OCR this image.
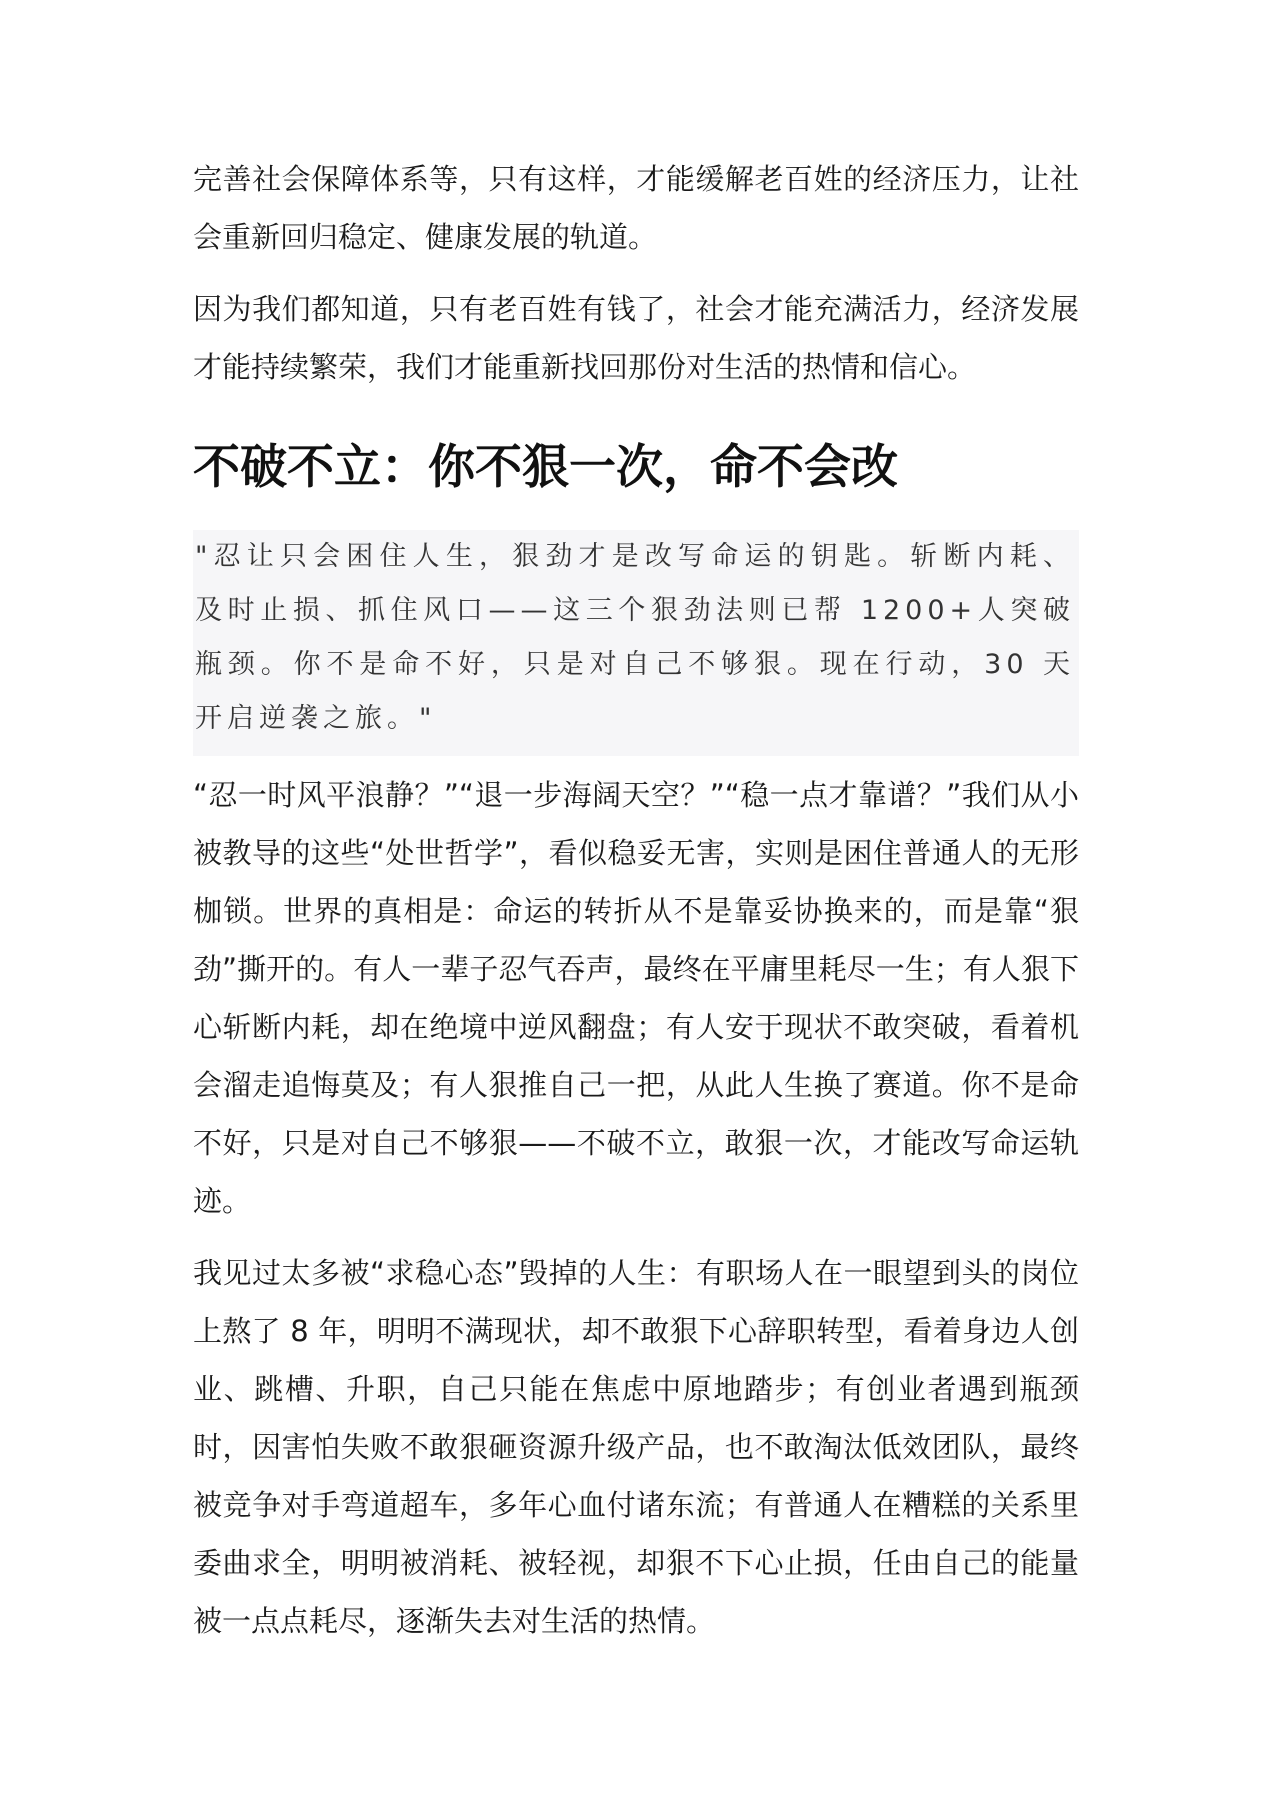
完善社会保障体系等，只有这样，才能缓解老百姓的经济压力，让社会重新回归稳定、健康发展的轨道。

因为我们都知道，只有老百姓有钱了，社会才能充满活力，经济发展才能持续繁荣，我们才能重新找回那份对生活的热情和信心。

不破不立：你不狠一次，命不会改

"忍让只会困住人生，狠劲才是改写命运的钥匙。斩断内耗、及时止损、抓住风口——这三个狠劲法则已帮 1200+人突破瓶颈。你不是命不好，只是对自己不够狠。现在行动，30 天开启逆袭之旅。"

“忍一时风平浪静？”“退一步海阔天空？”“稳一点才靠谱？”我们从小被教导的这些“处世哲学”，看似稳妥无害，实则是困住普通人的无形枷锁。世界的真相是：命运的转折从不是靠妥协换来的，而是靠“狠劲”撕开的。有人一辈子忍气吞声，最终在平庸里耗尽一生；有人狠下心斩断内耗，却在绝境中逆风翻盘；有人安于现状不敢突破，看着机会溜走追悔莫及；有人狠推自己一把，从此人生换了赛道。你不是命不好，只是对自己不够狠——不破不立，敢狠一次，才能改写命运轨迹。

我见过太多被“求稳心态”毁掉的人生：有职场人在一眼望到头的岗位上熬了 8 年，明明不满现状，却不敢狠下心辞职转型，看着身边人创业、跳槽、升职，自己只能在焦虑中原地踏步；有创业者遇到瓶颈时，因害怕失败不敢狠砸资源升级产品，也不敢淘汰低效团队，最终被竞争对手弯道超车，多年心血付诸东流；有普通人在糟糕的关系里委曲求全，明明被消耗、被轻视，却狠不下心止损，任由自己的能量被一点点耗尽，逐渐失去对生活的热情。
